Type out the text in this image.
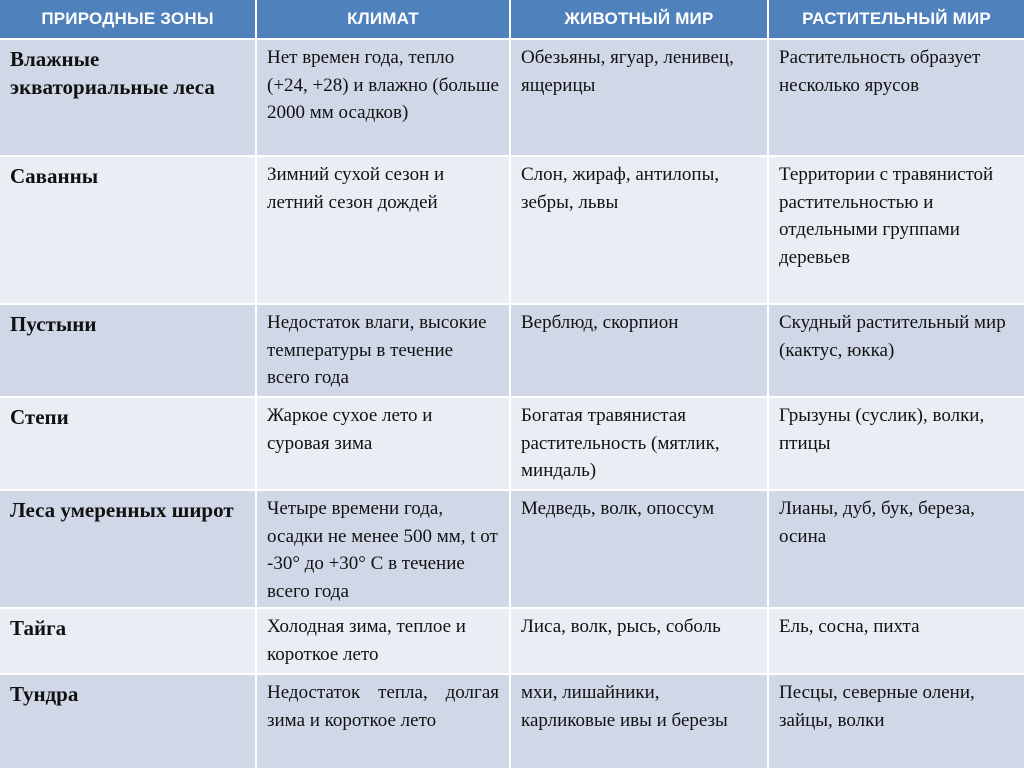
ПРИРОДНЫЕ ЗОНЫ	КЛИМАТ	ЖИВОТНЫЙ МИР	РАСТИТЕЛЬНЫЙ МИР
Влажные экваториальные леса	Нет времен года, тепло (+24, +28) и влажно (больше 2000 мм осадков)	Обезьяны, ягуар, ленивец, ящерицы	Растительность образует несколько ярусов
Саванны	Зимний сухой сезон и летний сезон дождей	Слон, жираф, антилопы, зебры, львы	Территории с травянистой растительностью и отдельными группами деревьев
Пустыни	Недостаток влаги, высокие температуры в течение всего года	Верблюд, скорпион	Скудный растительный мир (кактус, юкка)
Степи	Жаркое сухое лето и суровая зима	Богатая травянистая растительность (мятлик, миндаль)	Грызуны (суслик), волки, птицы
Леса умеренных широт	Четыре времени года, осадки не менее 500 мм, t от -30° до +30° С в течение всего года	Медведь, волк, опоссум	Лианы, дуб, бук, береза, осина
Тайга	Холодная зима, теплое и короткое лето	Лиса, волк, рысь, соболь	Ель, сосна, пихта
Тундра	Недостаток тепла, долгая зима и короткое лето	мхи, лишайники, карликовые ивы и березы	Песцы, северные олени, зайцы, волки
